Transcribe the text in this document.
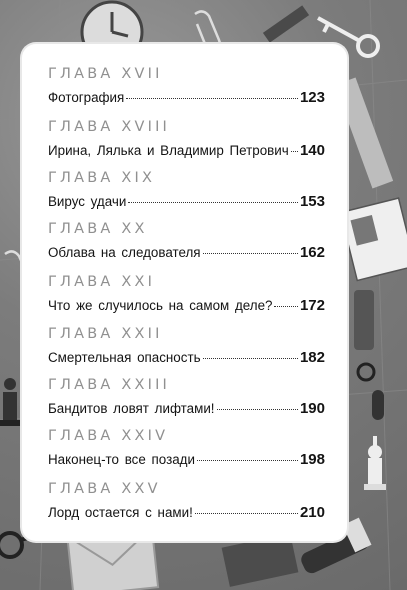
ГЛАВА XVII
Фотография	123
ГЛАВА XVIII
Ирина, Лялька и Владимир Петрович 140
ГЛАВА XIX
Вирус удачи	153
ГЛАВА XX
Облава на следователя	162
ГЛАВА XXI
Что же случилось на самом деле? 172
ГЛАВА XXII
Смертельная опасность	182
ГЛАВА XXIII
Бандитов ловят лифтами!	190
ГЛАВА XXIV
Наконец-то все позади	198
ГЛАВА XXV
Лорд остается с нами!	210
